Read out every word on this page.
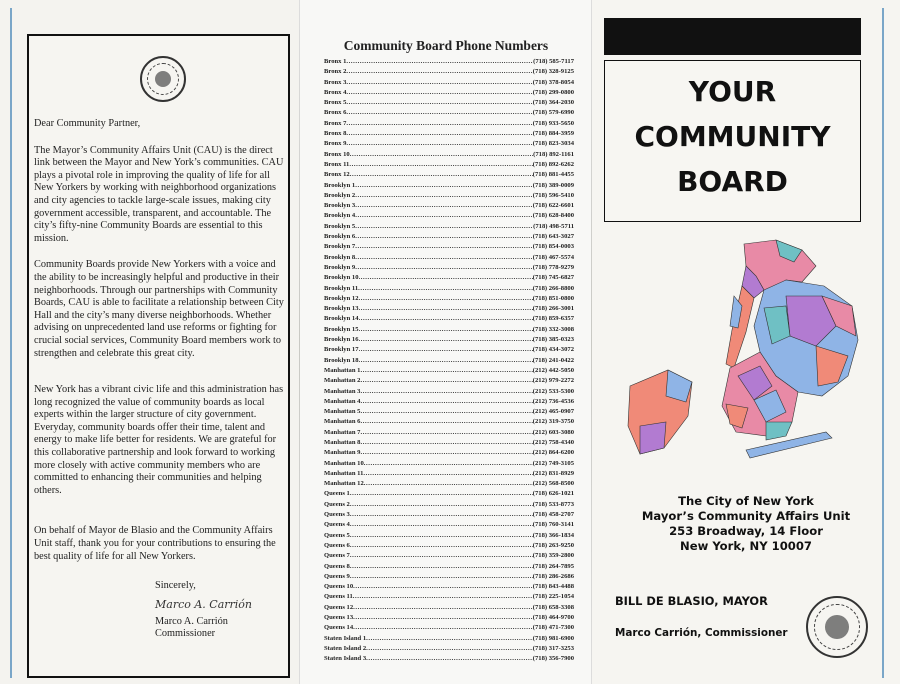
Dear Community Partner,

The Mayor’s Community Affairs Unit (CAU) is the direct link between the Mayor and New York’s communities. CAU plays a pivotal role in improving the quality of life for all New Yorkers by working with neighborhood organizations and city agencies to tackle large-scale issues, making city government accessible, transparent, and accountable. The city’s fifty-nine Community Boards are essential to this mission.

Community Boards provide New Yorkers with a voice and the ability to be increasingly helpful and productive in their neighborhoods. Through our partnerships with Community Boards, CAU is able to facilitate a relationship between City Hall and the city’s many diverse neighborhoods. Whether advising on unprecedented land use reforms or fighting for crucial social services, Community Board members work to strengthen and celebrate this great city.

New York has a vibrant civic life and this administration has long recognized the value of community boards as local experts within the larger structure of city government. Everyday, community boards offer their time, talent and energy to make life better for residents. We are grateful for this collaborative partnership and look forward to working more closely with active community members who are committed to enhancing their communities and helping others.

On behalf of Mayor de Blasio and the Community Affairs Unit staff, thank you for your contributions to ensuring the best quality of life for all New Yorkers.

Sincerely,
Marco A. Carrión
Marco A. Carrión
Commissioner
Community Board Phone Numbers
Bronx 1 .....	(718) 585-7117
Bronx 2 .....	(718) 328-9125
Bronx 3 .....	(718) 378-8054
Bronx 4 .....	(718) 299-0800
Bronx 5 .....	(718) 364-2030
Bronx 6 .....	(718) 579-6990
Bronx 7 .....	(718) 933-5650
Bronx 8 .....	(718) 884-3959
Bronx 9 .....	(718) 823-3034
Bronx 10 .....	(718) 892-1161
Bronx 11 .....	(718) 892-6262
Bronx 12 .....	(718) 881-4455
Brooklyn 1 .....	(718) 389-0009
Brooklyn 2 .....	(718) 596-5410
Brooklyn 3 .....	(718) 622-6601
Brooklyn 4 .....	(718) 628-8400
Brooklyn 5 .....	(718) 498-5711
Brooklyn 6 .....	(718) 643-3027
Brooklyn 7 .....	(718) 854-0003
Brooklyn 8 .....	(718) 467-5574
Brooklyn 9 .....	(718) 778-9279
Brooklyn 10 .....	(718) 745-6827
Brooklyn 11 .....	(718) 266-8800
Brooklyn 12 .....	(718) 851-0800
Brooklyn 13 .....	(718) 266-3001
Brooklyn 14 .....	(718) 859-6357
Brooklyn 15 .....	(718) 332-3008
Brooklyn 16 .....	(718) 385-0323
Brooklyn 17 .....	(718) 434-3072
Brooklyn 18 .....	(718) 241-0422
Manhattan 1 .....	(212) 442-5050
Manhattan 2 .....	(212) 979-2272
Manhattan 3 .....	(212) 533-5300
Manhattan 4 .....	(212) 736-4536
Manhattan 5 .....	(212) 465-0907
Manhattan 6 .....	(212) 319-3750
Manhattan 7 .....	(212) 603-3080
Manhattan 8 .....	(212) 758-4340
Manhattan 9 .....	(212) 864-6200
Manhattan 10 .....	(212) 749-3105
Manhattan 11 .....	(212) 831-8929
Manhattan 12 .....	(212) 568-8500
Queens 1 .....	(718) 626-1021
Queens 2 .....	(718) 533-8773
Queens 3 .....	(718) 458-2707
Queens 4 .....	(718) 760-3141
Queens 5 .....	(718) 366-1834
Queens 6 .....	(718) 263-9250
Queens 7 .....	(718) 359-2800
Queens 8 .....	(718) 264-7895
Queens 9 .....	(718) 286-2686
Queens 10 .....	(718) 843-4488
Queens 11 .....	(718) 225-1054
Queens 12 .....	(718) 658-3308
Queens 13 .....	(718) 464-9700
Queens 14 .....	(718) 471-7300
Staten Island 1 .....	(718) 981-6900
Staten Island 2 .....	(718) 317-3253
Staten Island 3 .....	(718) 356-7900
YOUR
COMMUNITY
BOARD
The City of New York
Mayor’s Community Affairs Unit
253 Broadway, 14 Floor
New York, NY 10007
BILL DE BLASIO, MAYOR
Marco Carrión, Commissioner
